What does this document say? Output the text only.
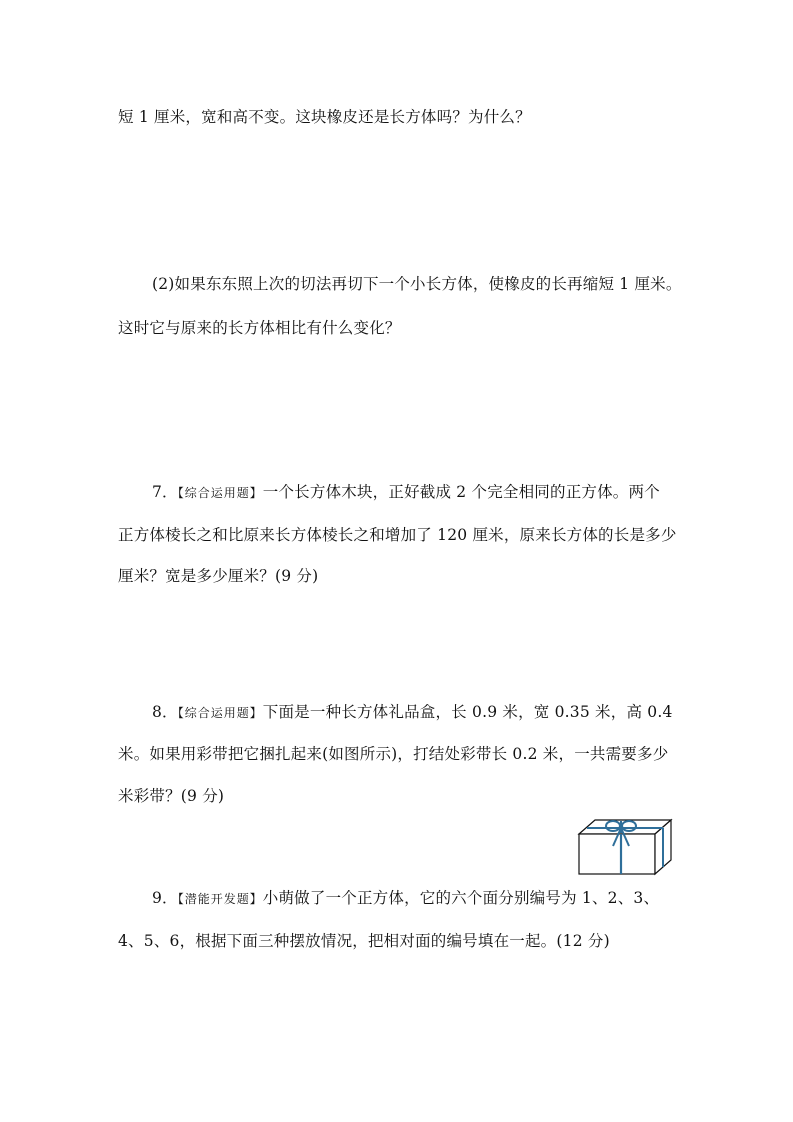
短 1 厘米，宽和高不变。这块橡皮还是长方体吗？为什么？
(2)如果东东照上次的切法再切下一个小长方体，使橡皮的长再缩短 1 厘米。
这时它与原来的长方体相比有什么变化？
7．【综合运用题】一个长方体木块，正好截成 2 个完全相同的正方体。两个
正方体棱长之和比原来长方体棱长之和增加了 120 厘米，原来长方体的长是多少
厘米？宽是多少厘米？(9 分)
8．【综合运用题】下面是一种长方体礼品盒，长 0.9 米，宽 0.35 米，高 0.4
米。如果用彩带把它捆扎起来(如图所示)，打结处彩带长 0.2 米，一共需要多少
米彩带？(9 分)
9．【潜能开发题】小萌做了一个正方体，它的六个面分别编号为 1、2、3、
4、5、6，根据下面三种摆放情况，把相对面的编号填在一起。(12 分)
